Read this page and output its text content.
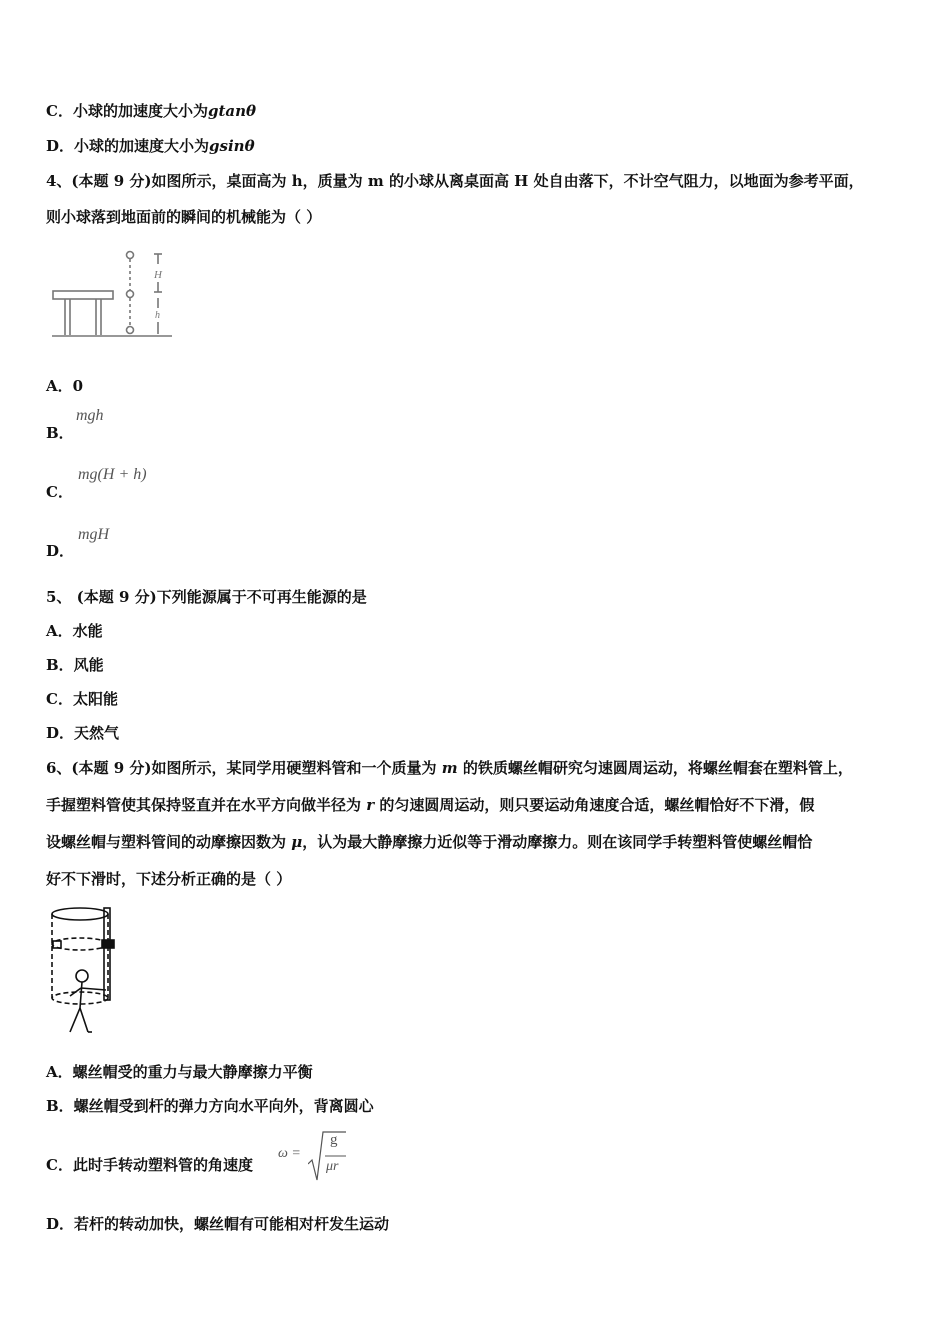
C．小球的加速度大小为gtanθ
D．小球的加速度大小为gsinθ
4、(本题 9 分)如图所示，桌面高为 h，质量为 m 的小球从离桌面高 H 处自由落下，不计空气阻力，以地面为参考平面，
则小球落到地面前的瞬间的机械能为（ ）
H
h
A．0
B．
mgh
C．
mg(H + h)
D．
mgH
5、 (本题 9 分)下列能源属于不可再生能源的是
A．水能
B．风能
C．太阳能
D．天然气
6、(本题 9 分)如图所示，某同学用硬塑料管和一个质量为 m 的铁质螺丝帽研究匀速圆周运动，将螺丝帽套在塑料管上，
手握塑料管使其保持竖直并在水平方向做半径为 r 的匀速圆周运动，则只要运动角速度合适，螺丝帽恰好不下滑，假
设螺丝帽与塑料管间的动摩擦因数为 μ，认为最大静摩擦力近似等于滑动摩擦力。则在该同学手转塑料管使螺丝帽恰
好不下滑时，下述分析正确的是（ ）
A．螺丝帽受的重力与最大静摩擦力平衡
B．螺丝帽受到杆的弹力方向水平向外，背离圆心
C．此时手转动塑料管的角速度
ω =
g
μr
D．若杆的转动加快，螺丝帽有可能相对杆发生运动
